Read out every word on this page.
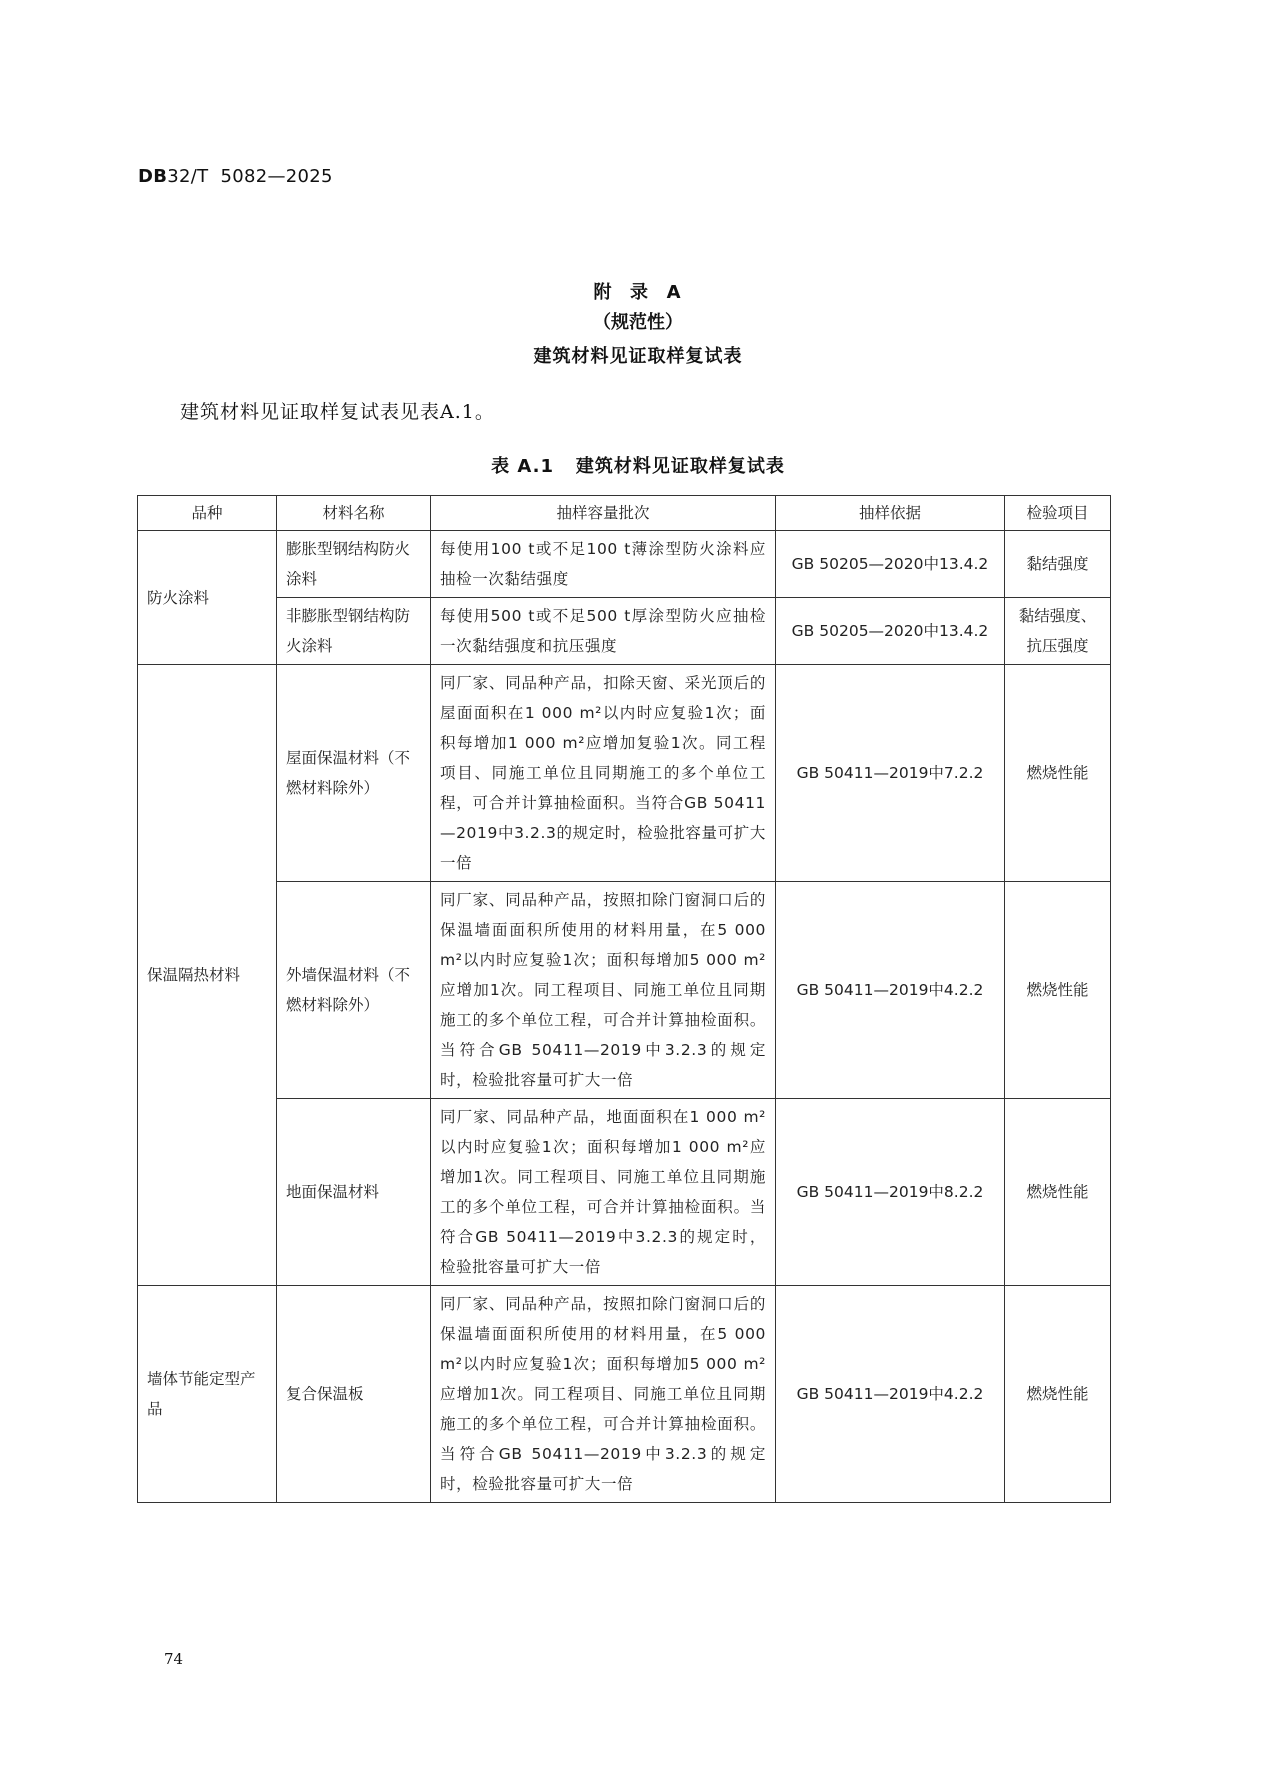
DB32/T  5082—2025
附  录  A
（规范性）
建筑材料见证取样复试表
建筑材料见证取样复试表见表A.1。
表 A.1   建筑材料见证取样复试表
品种	材料名称	抽样容量批次	抽样依据	检验项目
防火涂料	膨胀型钢结构防火涂料	每使用100 t或不足100 t薄涂型防火涂料应抽检一次黏结强度	GB 50205—2020中13.4.2	黏结强度
	非膨胀型钢结构防火涂料	每使用500 t或不足500 t厚涂型防火应抽检一次黏结强度和抗压强度	GB 50205—2020中13.4.2	黏结强度、抗压强度
保温隔热材料	屋面保温材料（不燃材料除外）	同厂家、同品种产品，扣除天窗、采光顶后的屋面面积在1 000 m²以内时应复验1次；面积每增加1 000 m²应增加复验1次。同工程项目、同施工单位且同期施工的多个单位工程，可合并计算抽检面积。当符合GB 50411—2019中3.2.3的规定时，检验批容量可扩大一倍	GB 50411—2019中7.2.2	燃烧性能
	外墙保温材料（不燃材料除外）	同厂家、同品种产品，按照扣除门窗洞口后的保温墙面面积所使用的材料用量，在5 000 m²以内时应复验1次；面积每增加5 000 m²应增加1次。同工程项目、同施工单位且同期施工的多个单位工程，可合并计算抽检面积。当符合GB 50411—2019中3.2.3的规定时，检验批容量可扩大一倍	GB 50411—2019中4.2.2	燃烧性能
	地面保温材料	同厂家、同品种产品，地面面积在1 000 m²以内时应复验1次；面积每增加1 000 m²应增加1次。同工程项目、同施工单位且同期施工的多个单位工程，可合并计算抽检面积。当符合GB 50411—2019中3.2.3的规定时，检验批容量可扩大一倍	GB 50411—2019中8.2.2	燃烧性能
墙体节能定型产品	复合保温板	同厂家、同品种产品，按照扣除门窗洞口后的保温墙面面积所使用的材料用量，在5 000 m²以内时应复验1次；面积每增加5 000 m²应增加1次。同工程项目、同施工单位且同期施工的多个单位工程，可合并计算抽检面积。当符合GB 50411—2019中3.2.3的规定时，检验批容量可扩大一倍	GB 50411—2019中4.2.2	燃烧性能
74
